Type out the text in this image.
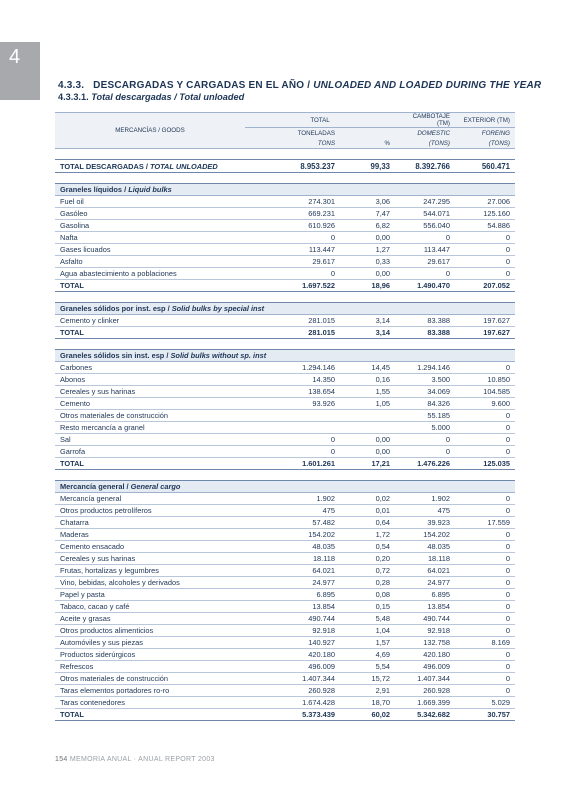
4
4.3.3. DESCARGADAS Y CARGADAS EN EL AÑO / UNLOADED AND LOADED DURING THE YEAR
4.3.3.1. Total descargadas / Total unloaded
MERCANCÍAS / GOODS	TOTAL		CAMBOTAJE (TM)	EXTERIOR (TM)
	TONELADAS		DOMESTIC	FOREING
	TONS	%	(TONS)	(TONS)

TOTAL DESCARGADAS / TOTAL UNLOADED	8.953.237	99,33	8.392.766	560.471

Graneles líquidos / Liquid bulks				
Fuel oil	274.301	3,06	247.295	27.006
Gasóleo	669.231	7,47	544.071	125.160
Gasolina	610.926	6,82	556.040	54.886
Nafta	0	0,00	0	0
Gases licuados	113.447	1,27	113.447	0
Asfalto	29.617	0,33	29.617	0
Agua abastecimiento a poblaciones	0	0,00	0	0
TOTAL	1.697.522	18,96	1.490.470	207.052

Graneles sólidos por inst. esp / Solid bulks by special inst				
Cemento y clinker	281.015	3,14	83.388	197.627
TOTAL	281.015	3,14	83.388	197.627

Graneles sólidos sin inst. esp / Solid bulks without sp. inst				
Carbones	1.294.146	14,45	1.294.146	0
Abonos	14.350	0,16	3.500	10.850
Cereales y sus harinas	138.654	1,55	34.069	104.585
Cemento	93.926	1,05	84.326	9.600
Otros materiales de construcción			55.185	0
Resto mercancía a granel			5.000	0
Sal	0	0,00	0	0
Garrofa	0	0,00	0	0
TOTAL	1.601.261	17,21	1.476.226	125.035

Mercancía general / General cargo				
Mercancía general	1.902	0,02	1.902	0
Otros productos petrolíferos	475	0,01	475	0
Chatarra	57.482	0,64	39.923	17.559
Maderas	154.202	1,72	154.202	0
Cemento ensacado	48.035	0,54	48.035	0
Cereales y sus harinas	18.118	0,20	18.118	0
Frutas, hortalizas y legumbres	64.021	0,72	64.021	0
Vino, bebidas, alcoholes y derivados	24.977	0,28	24.977	0
Papel y pasta	6.895	0,08	6.895	0
Tabaco, cacao y café	13.854	0,15	13.854	0
Aceite y grasas	490.744	5,48	490.744	0
Otros productos alimenticios	92.918	1,04	92.918	0
Automóviles y sus piezas	140.927	1,57	132.758	8.169
Productos siderúrgicos	420.180	4,69	420.180	0
Refrescos	496.009	5,54	496.009	0
Otros materiales de construcción	1.407.344	15,72	1.407.344	0
Taras elementos portadores ro-ro	260.928	2,91	260.928	0
Taras contenedores	1.674.428	18,70	1.669.399	5.029
TOTAL	5.373.439	60,02	5.342.682	30.757
154 MEMORIA ANUAL · ANUAL REPORT 2003
